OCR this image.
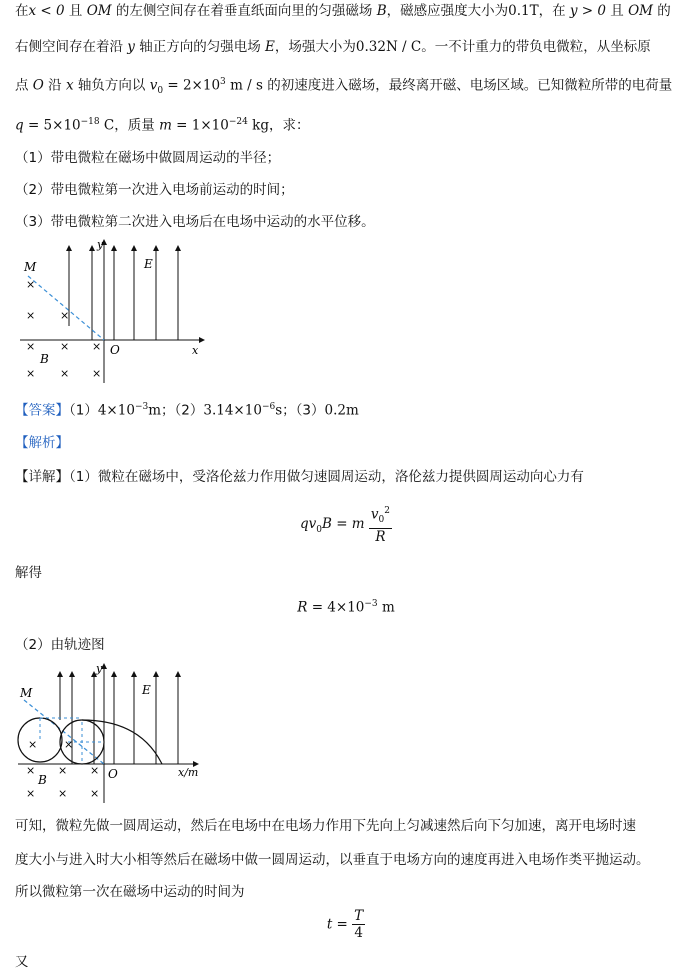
在x < 0 且 OM 的左侧空间存在着垂直纸面向里的匀强磁场 B，磁感应强度大小为0.1T，在 y > 0 且 OM 的
右侧空间存在着沿 y 轴正方向的匀强电场 E，场强大小为0.32N / C。一不计重力的带负电微粒，从坐标原
点 O 沿 x 轴负方向以 $v_0 = 2\times 10^3$ m / s 的初速度进入磁场，最终离开磁、电场区域。已知微粒所带的电荷量
$q = 5\times 10^{-18}$ C，质量 $m = 1\times 10^{-24}$ kg，求：
（1）带电微粒在磁场中做圆周运动的半径；
（2）带电微粒第一次进入电场前运动的时间；
（3）带电微粒第二次进入电场后在电场中运动的水平位移。
M
y
E
O	x
B
×
× ×
× × ×
× × ×
【答案】$(1)4\times 10^{-3}m$；$(2)3.14\times 10^{-6}s$；（3）0.2m
【解析】
【详解】（1）微粒在磁场中，受洛伦兹力作用做匀速圆周运动，洛伦兹力提供圆周运动向心力有
$qv_0B = m \frac{v_0^2}{R}$
解得
$R = 4\times 10^{-3}$ m
（2）由轨迹图
M
y
E
O	x/m
B
× ×
× × ×
× × ×
可知，微粒先做一圆周运动，然后在电场中在电场力作用下先向上匀减速然后向下匀加速，离开电场时速
度大小与进入时大小相等然后在磁场中做一圆周运动，以垂直于电场方向的速度再进入电场作类平抛运动。
所以微粒第一次在磁场中运动的时间为
$t = \frac{T}{4}$
又
